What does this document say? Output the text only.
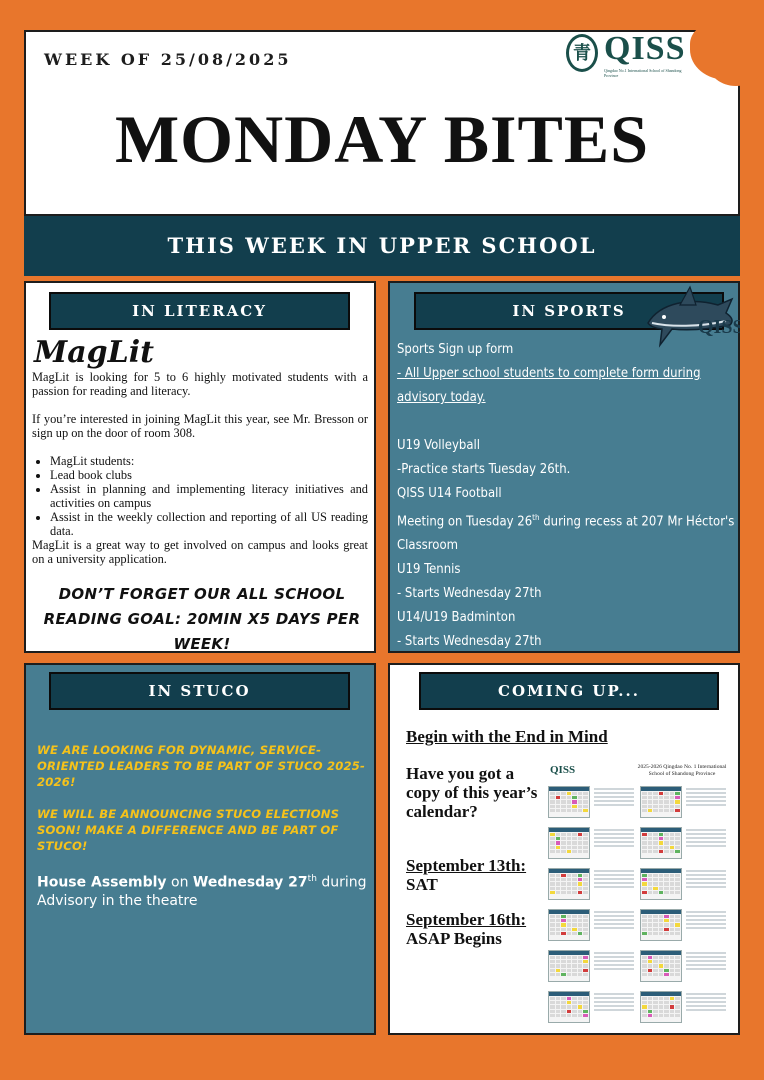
WEEK OF 25/08/2025	青 QISS
Qingdao No.1 International School of Shandong Province
MONDAY BITES
THIS WEEK IN UPPER SCHOOL
IN LITERACY
MagLit

MagLit is looking for 5 to 6 highly motivated students with a passion for reading and literacy.

If you’re interested in joining MagLit this year, see Mr. Bresson or sign up on the door of room 308.

• MagLit students:
• Lead book clubs
• Assist in planning and implementing literacy initiatives and activities on campus
• Assist in the weekly collection and reporting of all US reading data.
MagLit is a great way to get involved on campus and looks great on a university application.
DON’T FORGET OUR ALL SCHOOL READING GOAL: 20MIN X5 DAYS PER WEEK!
IN SPORTS
QISS
Sports Sign up form
- All Upper school students to complete form during advisory today.
U19 Volleyball
-Practice starts Tuesday 26th.
QISS U14 Football
Meeting on Tuesday 26th during recess at 207 Mr Héctor's
Classroom
U19 Tennis
- Starts Wednesday 27th
U14/U19 Badminton
- Starts Wednesday 27th
IN STUCO

WE ARE LOOKING FOR DYNAMIC, SERVICE-ORIENTED LEADERS TO BE PART OF STUCO 2025-2026!

WE WILL BE ANNOUNCING STUCO ELECTIONS SOON! MAKE A DIFFERENCE AND BE PART OF STUCO!

House Assembly on Wednesday 27th during Advisory in the theatre
COMING UP...
Begin with the End in Mind
Have you got a copy of this year’s calendar?
September 13th:
SAT
September 16th:
ASAP Begins
QISS	2025-2026 Qingdao No. 1 International School of Shandong Province
